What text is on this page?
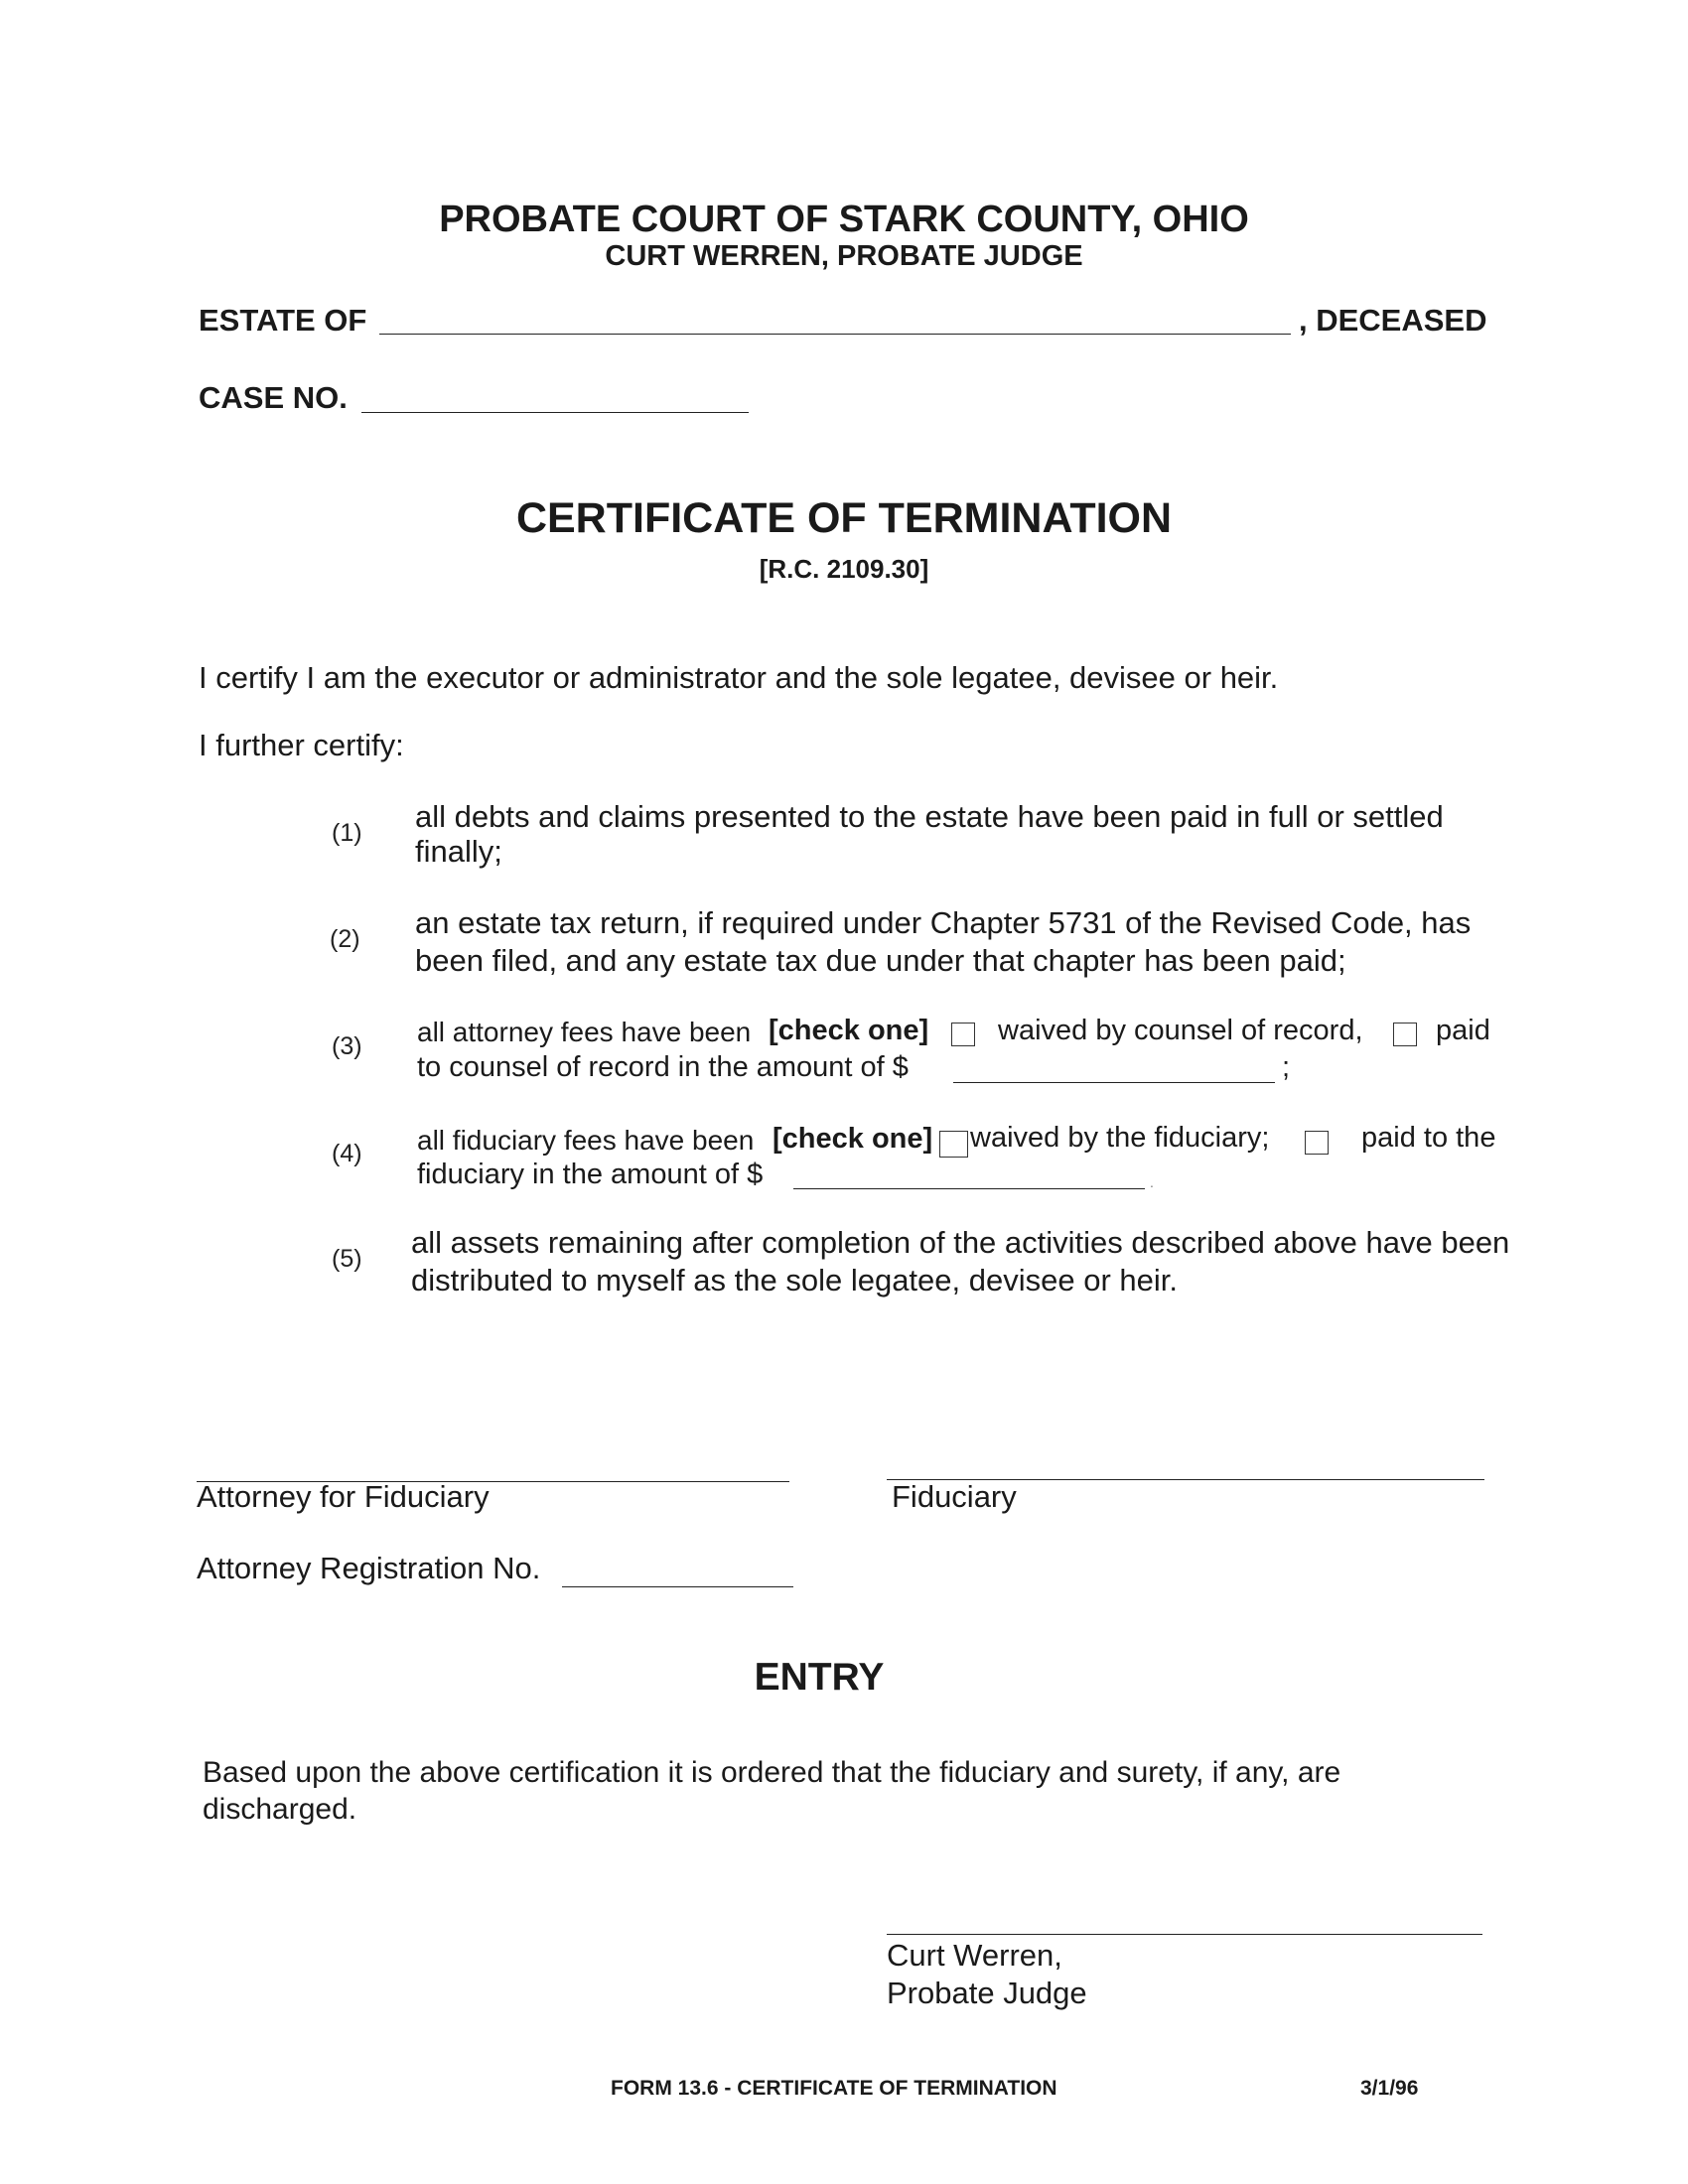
PROBATE COURT OF STARK COUNTY, OHIO
CURT WERREN, PROBATE JUDGE
ESTATE OF	, DECEASED
CASE NO.
CERTIFICATE OF TERMINATION
[R.C. 2109.30]
I certify I am the executor or administrator and the sole legatee, devisee or heir.
I further certify:
(1) all debts and claims presented to the estate have been paid in full or settled
finally;
(2) an estate tax return, if required under Chapter 5731 of the Revised Code, has
been filed, and any estate tax due under that chapter has been paid;
(3) all attorney fees have been [check one] waived by counsel of record,	paid
to counsel of record in the amount of $	;
(4) all fiduciary fees have been [check one] waived by the fiduciary;	paid to the
fiduciary in the amount of $	.
(5) all assets remaining after completion of the activities described above have been
distributed to myself as the sole legatee, devisee or heir.
Attorney for Fiduciary	Fiduciary
Attorney Registration No.
ENTRY
Based upon the above certification it is ordered that the fiduciary and surety, if any, are
discharged.
Curt Werren,
Probate Judge
FORM 13.6 - CERTIFICATE OF TERMINATION	3/1/96
